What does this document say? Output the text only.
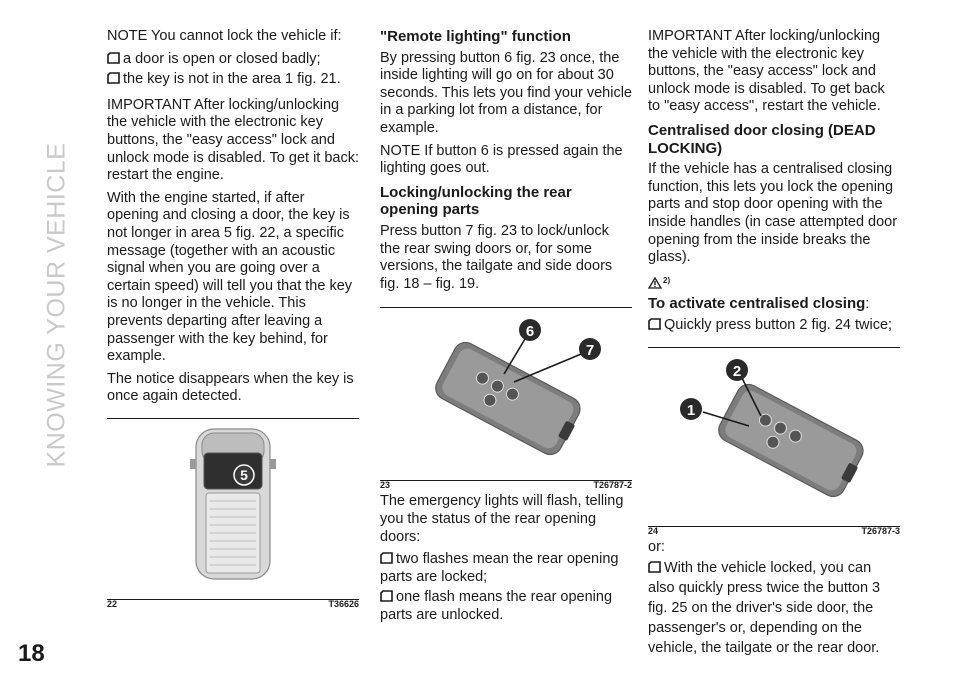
KNOWING YOUR VEHICLE
18

NOTE You cannot lock the vehicle if:

a door is open or closed badly;
the key is not in the area 1 fig. 21.

IMPORTANT After locking/unlocking the vehicle with the electronic key buttons, the "easy access" lock and unlock mode is disabled. To get it back: restart the engine.

With the engine started, if after opening and closing a door, the key is not longer in area 5 fig. 22, a specific message (together with an acoustic signal when you are going over a certain speed) will tell you that the key is no longer in the vehicle. This prevents departing after leaving a passenger with the key behind, for example.

The notice disappears when the key is once again detected.

5
22	T36626
"Remote lighting" function

By pressing button 6 fig. 23 once, the inside lighting will go on for about 30 seconds. This lets you find your vehicle in a parking lot from a distance, for example.

NOTE If button 6 is pressed again the lighting goes out.

Locking/unlocking the rear opening parts

Press button 7 fig. 23 to lock/unlock the rear swing doors or, for some versions, the tailgate and side doors fig. 18 – fig. 19.

6
7
23	T26787-2

The emergency lights will flash, telling you the status of the rear opening doors:

two flashes mean the rear opening parts are locked;
one flash means the rear opening parts are unlocked.

IMPORTANT After locking/unlocking the vehicle with the electronic key buttons, the "easy access" lock and unlock mode is disabled. To get back to "easy access", restart the vehicle.

Centralised door closing (DEAD LOCKING)

If the vehicle has a centralised closing function, this lets you lock the opening parts and stop door opening with the inside handles (in case attempted door opening from the inside breaks the glass).

2)
To activate centralised closing:
Quickly press button 2 fig. 24 twice;
2
1
24	T26787-3

or:

With the vehicle locked, you can also quickly press twice the button 3 fig. 25 on the driver's side door, the passenger's or, depending on the vehicle, the tailgate or the rear door.
